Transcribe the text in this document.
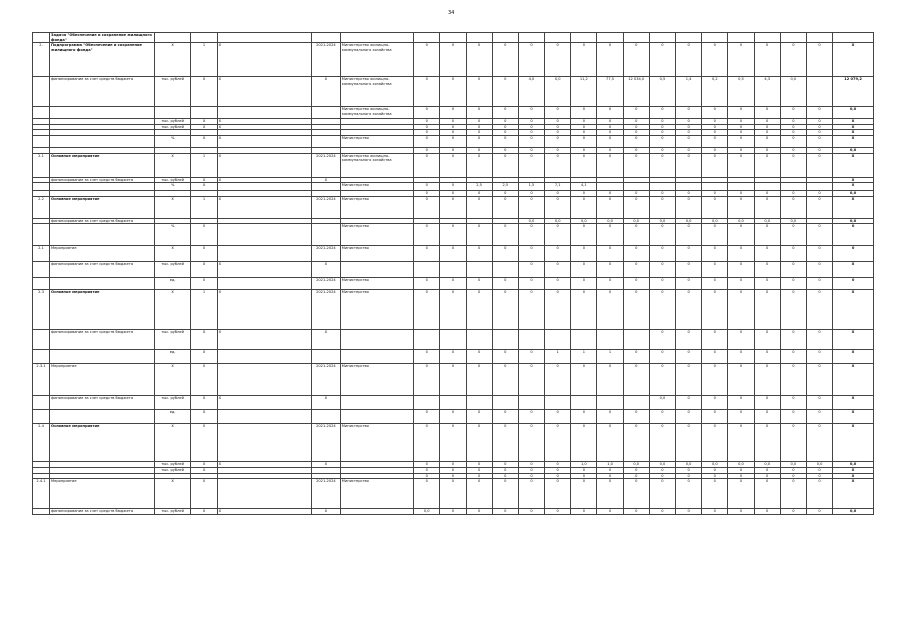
34
	Задача "Обеспечение и сохранение жилищного фонда"																						
2.	Подпрограмма "Обеспечение и сохранение жилищного фонда"	Х	1	Х	2021-2024	Министерство жилищно-коммунального хозяйства	0	0	0	0	0	0	0	0	0	0	0	0	0	0	0	0	Х
	финансирование за счет средств бюджета	тыс. рублей	Х	Х	Х	Министерство жилищно-коммунального хозяйства	0	0	0	0	4,0	0,0	11,2	77,5	12 034,0	0,5	1,4	0,2	0,5	4,3	0,0		12 079,2
						Министерство жилищно-коммунального хозяйства	0	0	0	0	0	0	0	0	0	0	0	0	0	0	0	0	0,0
		тыс. рублей	Х	Х			0	0	0	0	0	0	0	0	0	0	0	0	0	0	0	0	Х
		тыс. рублей	Х	Х			0	0	0	0	0	0	0	0	0	0	0	0	0	0	0	0	Х
							0	0	0	0	0	0	0	0	0	0	0	0	0	0	0	0	Х
		%	Х	Х		Министерство	0	0	0	0	0	0	0	0	0	0	0	0	0	0	0	0	Х
							0	0	0	0	0	0	0	0	0	0	0	0	0	0	0	0	0,0
2.1	Основное мероприятие	Х	1	Х	2021-2024	Министерство жилищно-коммунального хозяйства	0	0	0	0	0	0	0	0	0	0	0	0	0	0	0	0	Х
	финансирование за счет средств бюджета	тыс. рублей	Х	Х	Х																		Х
		%	Х			Министерство	0	0	2,5	2,5	1,5	7,1	4,1										Х
							0	0	0	0	0	0	0	0	0	0	0	0	0	0	0	0	0,0
2.2	Основное мероприятие	Х	1	Х	2021-2024	Министерство	0	0	0	0	0	0	0	0	0	0	0	0	0	0	0	0	Х
	финансирование за счет средств бюджета										0,0	0,0	0,0	0,0	0,0	0,0	0,0	0,0	0,0	0,0	0,0		0,0
		%	0			Министерство	0	0	0	0	0	0	0	0	0	0	0	0	0	0	0	0	0
2.1	Мероприятие	Х	0		2021-2024	Министерство	0	0	0	0	0	0	0	0	0	0	0	0	0	0	0	0	0
	финансирование за счет средств бюджета	тыс. рублей	Х	Х	Х						0	0	0	0	0	0	0	0	0	0	0	0	Х
		ед.	0		2021-2024	Министерство	0	0	0	0	0	0	0	0	0	0	0	0	0	0	0	0	0
2.3	Основное мероприятие	Х	1	Х	2021-2024	Министерство	0	0	0	0	0	0	0	0	0	0	0	0	0	0	0	0	Х
	финансирование за счет средств бюджета	тыс. рублей	Х	Х	Х											0	0	0	0	0	0	0	Х
		ед.	Х				0	0	0	0	0	1	1	1	0	0	0	0	0	0	0	0	Х
2.3.1	Мероприятие	Х	0		2021-2024	Министерство	0	0	0	0	0	0	0	0	0	0	0	0	0	0	0	0	Х
	финансирование за счет средств бюджета	тыс. рублей	Х	Х	Х											0,0	0	0	0	0	0	0	Х
		ед.	Х				0	0	0	0	0	0	0	0	0	0	0	0	0	0	0	0	Х
2.4	Основное мероприятие	Х	0		2021-2024	Министерство	0	0	0	0	0	0	0	0	0	0	0	0	0	0	0	0	Х
		тыс. рублей	Х	Х	Х		0	0	0	0	0	0	1,0	1,0	0,0	0,0	0,0	0,0	0,0	0,0	0,0	0,0	0,0
		тыс. рублей	Х				0	0	0	0	0	0	0	0	0	0	0	0	0	0	0	0	Х
							0	0	0	0	0	0	0	0	0	0	0	0	0	0	0	0	Х
2.4.1	Мероприятие	Х	0		2021-2024	Министерство	0	0	0	0	0	0	0	0	0	0	0	0	0	0	0	0	Х
	финансирование за счет средств бюджета	тыс. рублей	Х	Х	Х		0,0	0	0	0	0	0	0	0	0	0	0	0	0	0	0	0	0,0
